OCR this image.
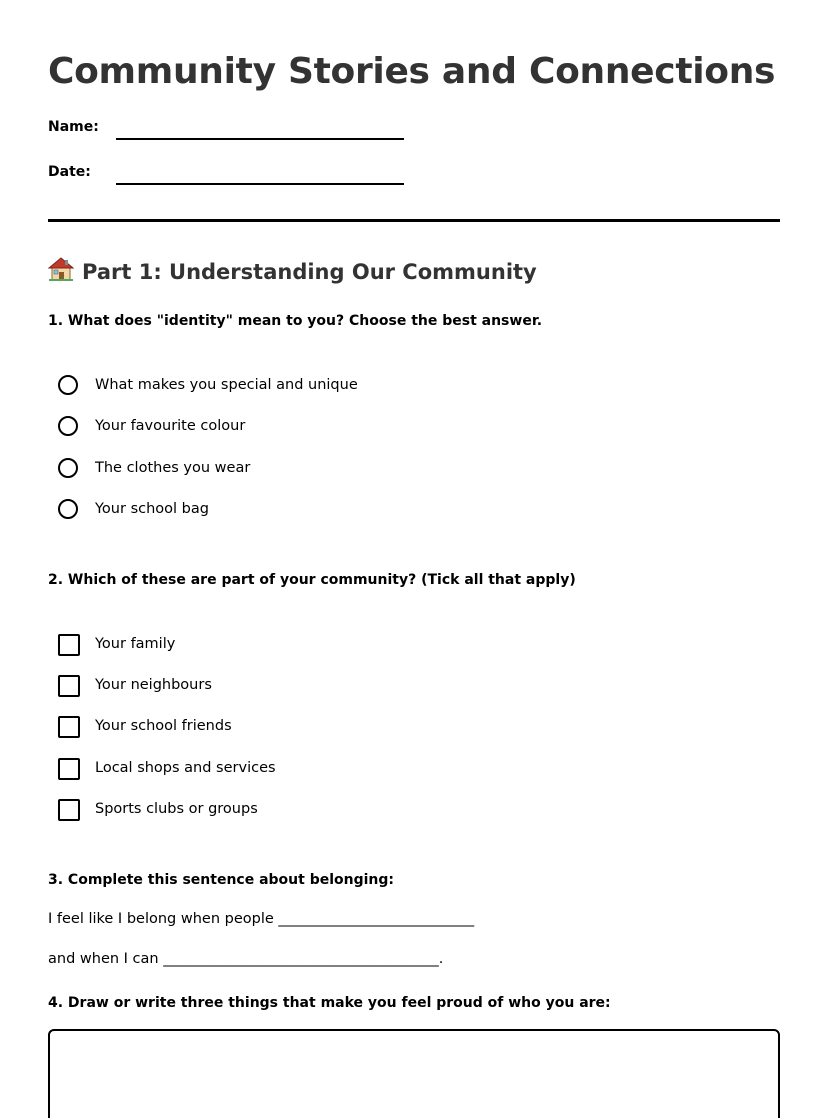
Community Stories and Connections
Name:
Date:
Part 1: Understanding Our Community

1. What does "identity" mean to you? Choose the best answer.

What makes you special and unique
Your favourite colour
The clothes you wear
Your school bag

2. Which of these are part of your community? (Tick all that apply)

Your family
Your neighbours
Your school friends
Local shops and services
Sports clubs or groups

3. Complete this sentence about belonging:

I feel like I belong when people ___________________________
and when I can ______________________________________.

4. Draw or write three things that make you feel proud of who you are:
